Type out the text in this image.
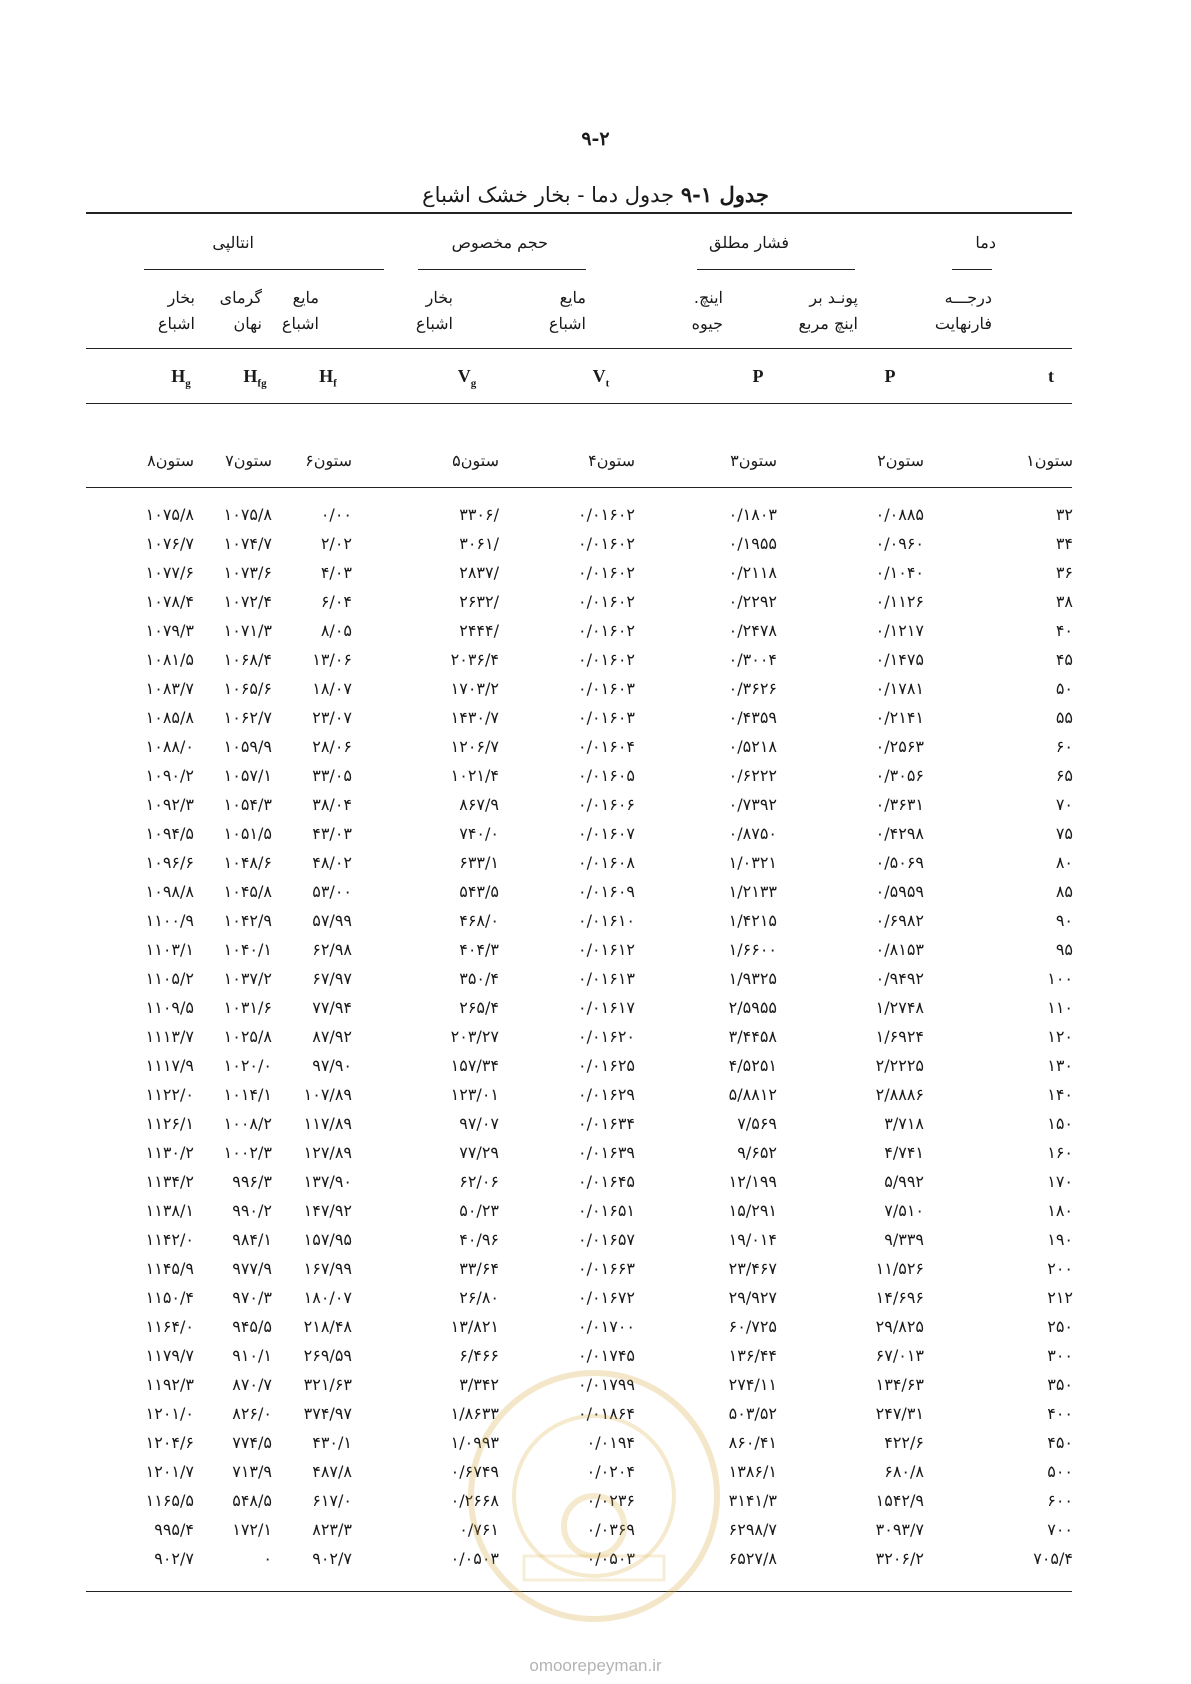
۹-۲
جدول ۱-۹ جدول دما - بخار خشک اشباع
دما
فشار مطلق
حجم مخصوص
انتالپی
درجـــه
فارنهایت
پونـد بر
اینچ مربع
اینچ.
جیوه
مایع
اشباع
بخار
اشباع
مایع
اشباع
گرمای
نهان
بخار
اشباع
t
P
P
$V_t$
$V_g$
$H_f$
$H_{fg}$
$H_g$
ستون۱
ستون۲
ستون۳
ستون۴
ستون۵
ستون۶
ستون۷
ستون۸
۳۲
۰/۰۸۸۵
۰/۱۸۰۳
۰/۰۱۶۰۲
۳۳۰۶/
۰/۰۰
۱۰۷۵/۸
۱۰۷۵/۸
۳۴
۰/۰۹۶۰
۰/۱۹۵۵
۰/۰۱۶۰۲
۳۰۶۱/
۲/۰۲
۱۰۷۴/۷
۱۰۷۶/۷
۳۶
۰/۱۰۴۰
۰/۲۱۱۸
۰/۰۱۶۰۲
۲۸۳۷/
۴/۰۳
۱۰۷۳/۶
۱۰۷۷/۶
۳۸
۰/۱۱۲۶
۰/۲۲۹۲
۰/۰۱۶۰۲
۲۶۳۲/
۶/۰۴
۱۰۷۲/۴
۱۰۷۸/۴
۴۰
۰/۱۲۱۷
۰/۲۴۷۸
۰/۰۱۶۰۲
۲۴۴۴/
۸/۰۵
۱۰۷۱/۳
۱۰۷۹/۳
۴۵
۰/۱۴۷۵
۰/۳۰۰۴
۰/۰۱۶۰۲
۲۰۳۶/۴
۱۳/۰۶
۱۰۶۸/۴
۱۰۸۱/۵
۵۰
۰/۱۷۸۱
۰/۳۶۲۶
۰/۰۱۶۰۳
۱۷۰۳/۲
۱۸/۰۷
۱۰۶۵/۶
۱۰۸۳/۷
۵۵
۰/۲۱۴۱
۰/۴۳۵۹
۰/۰۱۶۰۳
۱۴۳۰/۷
۲۳/۰۷
۱۰۶۲/۷
۱۰۸۵/۸
۶۰
۰/۲۵۶۳
۰/۵۲۱۸
۰/۰۱۶۰۴
۱۲۰۶/۷
۲۸/۰۶
۱۰۵۹/۹
۱۰۸۸/۰
۶۵
۰/۳۰۵۶
۰/۶۲۲۲
۰/۰۱۶۰۵
۱۰۲۱/۴
۳۳/۰۵
۱۰۵۷/۱
۱۰۹۰/۲
۷۰
۰/۳۶۳۱
۰/۷۳۹۲
۰/۰۱۶۰۶
۸۶۷/۹
۳۸/۰۴
۱۰۵۴/۳
۱۰۹۲/۳
۷۵
۰/۴۲۹۸
۰/۸۷۵۰
۰/۰۱۶۰۷
۷۴۰/۰
۴۳/۰۳
۱۰۵۱/۵
۱۰۹۴/۵
۸۰
۰/۵۰۶۹
۱/۰۳۲۱
۰/۰۱۶۰۸
۶۳۳/۱
۴۸/۰۲
۱۰۴۸/۶
۱۰۹۶/۶
۸۵
۰/۵۹۵۹
۱/۲۱۳۳
۰/۰۱۶۰۹
۵۴۳/۵
۵۳/۰۰
۱۰۴۵/۸
۱۰۹۸/۸
۹۰
۰/۶۹۸۲
۱/۴۲۱۵
۰/۰۱۶۱۰
۴۶۸/۰
۵۷/۹۹
۱۰۴۲/۹
۱۱۰۰/۹
۹۵
۰/۸۱۵۳
۱/۶۶۰۰
۰/۰۱۶۱۲
۴۰۴/۳
۶۲/۹۸
۱۰۴۰/۱
۱۱۰۳/۱
۱۰۰
۰/۹۴۹۲
۱/۹۳۲۵
۰/۰۱۶۱۳
۳۵۰/۴
۶۷/۹۷
۱۰۳۷/۲
۱۱۰۵/۲
۱۱۰
۱/۲۷۴۸
۲/۵۹۵۵
۰/۰۱۶۱۷
۲۶۵/۴
۷۷/۹۴
۱۰۳۱/۶
۱۱۰۹/۵
۱۲۰
۱/۶۹۲۴
۳/۴۴۵۸
۰/۰۱۶۲۰
۲۰۳/۲۷
۸۷/۹۲
۱۰۲۵/۸
۱۱۱۳/۷
۱۳۰
۲/۲۲۲۵
۴/۵۲۵۱
۰/۰۱۶۲۵
۱۵۷/۳۴
۹۷/۹۰
۱۰۲۰/۰
۱۱۱۷/۹
۱۴۰
۲/۸۸۸۶
۵/۸۸۱۲
۰/۰۱۶۲۹
۱۲۳/۰۱
۱۰۷/۸۹
۱۰۱۴/۱
۱۱۲۲/۰
۱۵۰
۳/۷۱۸
۷/۵۶۹
۰/۰۱۶۳۴
۹۷/۰۷
۱۱۷/۸۹
۱۰۰۸/۲
۱۱۲۶/۱
۱۶۰
۴/۷۴۱
۹/۶۵۲
۰/۰۱۶۳۹
۷۷/۲۹
۱۲۷/۸۹
۱۰۰۲/۳
۱۱۳۰/۲
۱۷۰
۵/۹۹۲
۱۲/۱۹۹
۰/۰۱۶۴۵
۶۲/۰۶
۱۳۷/۹۰
۹۹۶/۳
۱۱۳۴/۲
۱۸۰
۷/۵۱۰
۱۵/۲۹۱
۰/۰۱۶۵۱
۵۰/۲۳
۱۴۷/۹۲
۹۹۰/۲
۱۱۳۸/۱
۱۹۰
۹/۳۳۹
۱۹/۰۱۴
۰/۰۱۶۵۷
۴۰/۹۶
۱۵۷/۹۵
۹۸۴/۱
۱۱۴۲/۰
۲۰۰
۱۱/۵۲۶
۲۳/۴۶۷
۰/۰۱۶۶۳
۳۳/۶۴
۱۶۷/۹۹
۹۷۷/۹
۱۱۴۵/۹
۲۱۲
۱۴/۶۹۶
۲۹/۹۲۷
۰/۰۱۶۷۲
۲۶/۸۰
۱۸۰/۰۷
۹۷۰/۳
۱۱۵۰/۴
۲۵۰
۲۹/۸۲۵
۶۰/۷۲۵
۰/۰۱۷۰۰
۱۳/۸۲۱
۲۱۸/۴۸
۹۴۵/۵
۱۱۶۴/۰
۳۰۰
۶۷/۰۱۳
۱۳۶/۴۴
۰/۰۱۷۴۵
۶/۴۶۶
۲۶۹/۵۹
۹۱۰/۱
۱۱۷۹/۷
۳۵۰
۱۳۴/۶۳
۲۷۴/۱۱
۰/۰۱۷۹۹
۳/۳۴۲
۳۲۱/۶۳
۸۷۰/۷
۱۱۹۲/۳
۴۰۰
۲۴۷/۳۱
۵۰۳/۵۲
۰/۰۱۸۶۴
۱/۸۶۳۳
۳۷۴/۹۷
۸۲۶/۰
۱۲۰۱/۰
۴۵۰
۴۲۲/۶
۸۶۰/۴۱
۰/۰۱۹۴
۱/۰۹۹۳
۴۳۰/۱
۷۷۴/۵
۱۲۰۴/۶
۵۰۰
۶۸۰/۸
۱۳۸۶/۱
۰/۰۲۰۴
۰/۶۷۴۹
۴۸۷/۸
۷۱۳/۹
۱۲۰۱/۷
۶۰۰
۱۵۴۲/۹
۳۱۴۱/۳
۰/۰۲۳۶
۰/۲۶۶۸
۶۱۷/۰
۵۴۸/۵
۱۱۶۵/۵
۷۰۰
۳۰۹۳/۷
۶۲۹۸/۷
۰/۰۳۶۹
۰/۷۶۱
۸۲۳/۳
۱۷۲/۱
۹۹۵/۴
۷۰۵/۴
۳۲۰۶/۲
۶۵۲۷/۸
۰/۰۵۰۳
۰/۰۵۰۳
۹۰۲/۷
۰
۹۰۲/۷
omoorepeyman.ir
